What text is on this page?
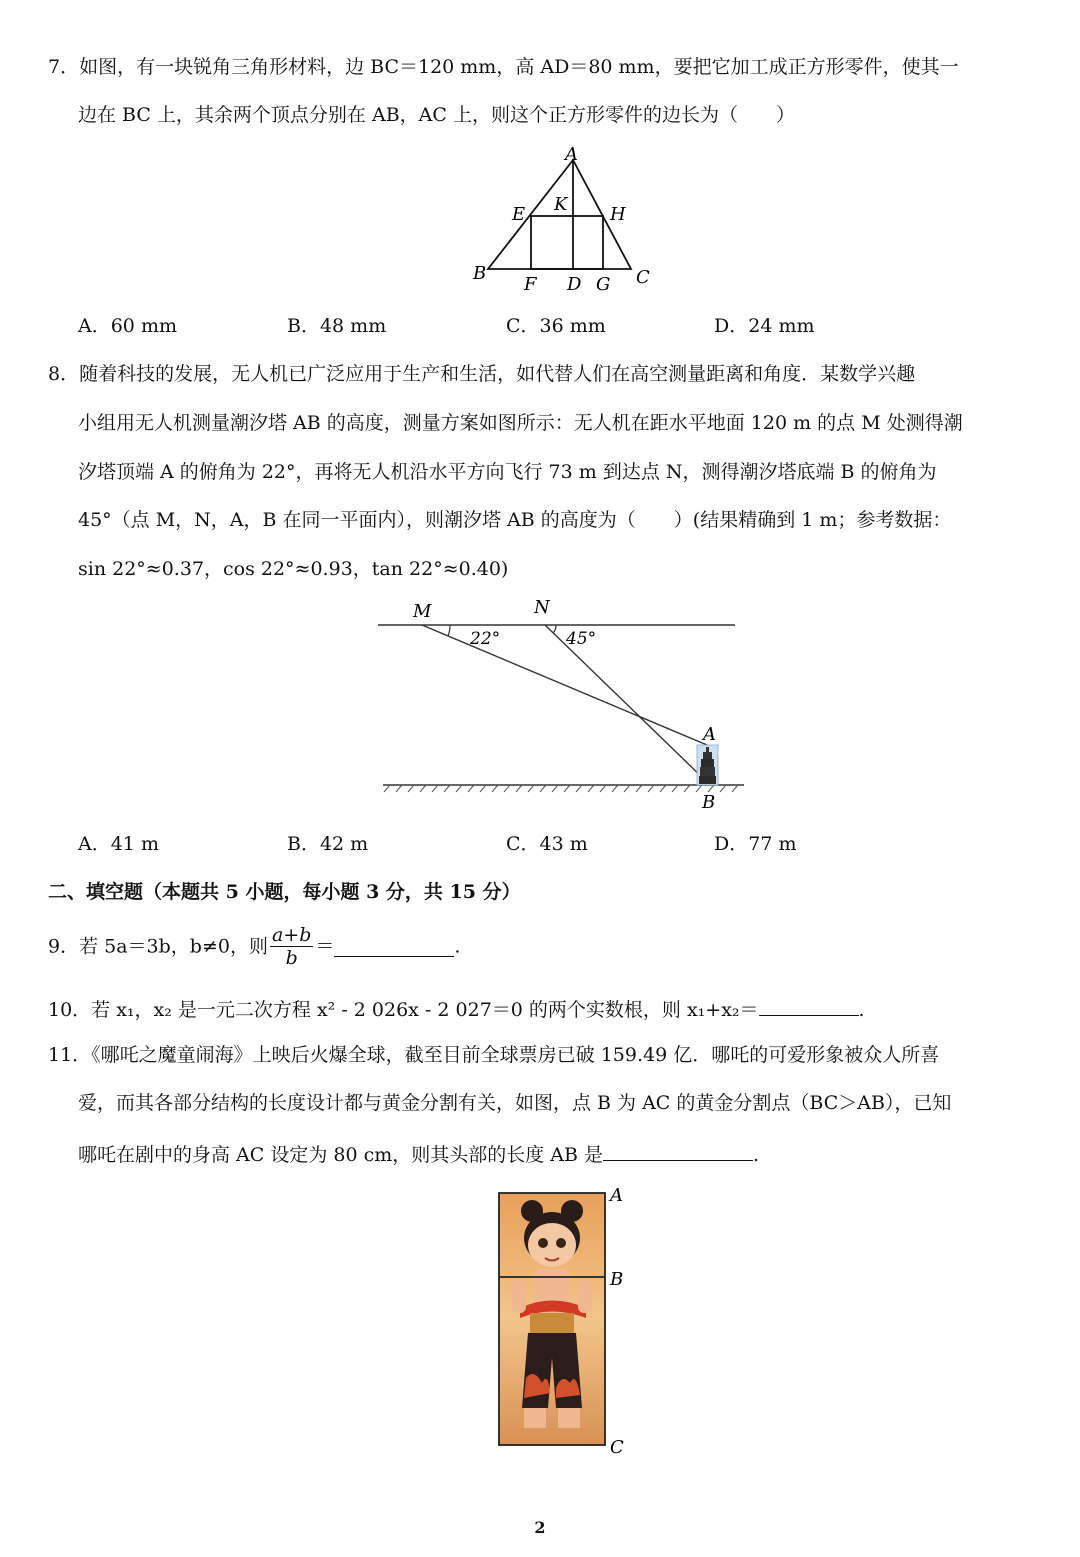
7．如图，有一块锐角三角形材料，边 BC＝120 mm，高 AD＝80 mm，要把它加工成正方形零件，使其一
边在 BC 上，其余两个顶点分别在 AB，AC 上，则这个正方形零件的边长为（　　）
A
E K H
B
F D G C
A．60 mm	B．48 mm	C．36 mm	D．24 mm
8．随着科技的发展，无人机已广泛应用于生产和生活，如代替人们在高空测量距离和角度．某数学兴趣
小组用无人机测量潮汐塔 AB 的高度，测量方案如图所示：无人机在距水平地面 120 m 的点 M 处测得潮
汐塔顶端 A 的俯角为 22°，再将无人机沿水平方向飞行 73 m 到达点 N，测得潮汐塔底端 B 的俯角为
45°（点 M，N，A，B 在同一平面内），则潮汐塔 AB 的高度为（　　）(结果精确到 1 m；参考数据：
sin 22°≈0.37，cos 22°≈0.93，tan 22°≈0.40)
M	N
22°	45°
A
B
A．41 m	B．42 m	C．43 m	D．77 m
二、填空题（本题共 5 小题，每小题 3 分，共 15 分）
9．若 5a＝3b，b≠0，则 $\frac{a+b}{b}$ ＝	.
10．若 x₁，x₂ 是一元二次方程 x² - 2 026x - 2 027＝0 的两个实数根，则 x₁+x₂＝	.
11．《哪吒之魔童闹海》上映后火爆全球，截至目前全球票房已破 159.49 亿．哪吒的可爱形象被众人所喜
爱，而其各部分结构的长度设计都与黄金分割有关，如图，点 B 为 AC 的黄金分割点（BC＞AB），已知
哪吒在剧中的身高 AC 设定为 80 cm，则其头部的长度 AB 是	.
A
B
C
2
